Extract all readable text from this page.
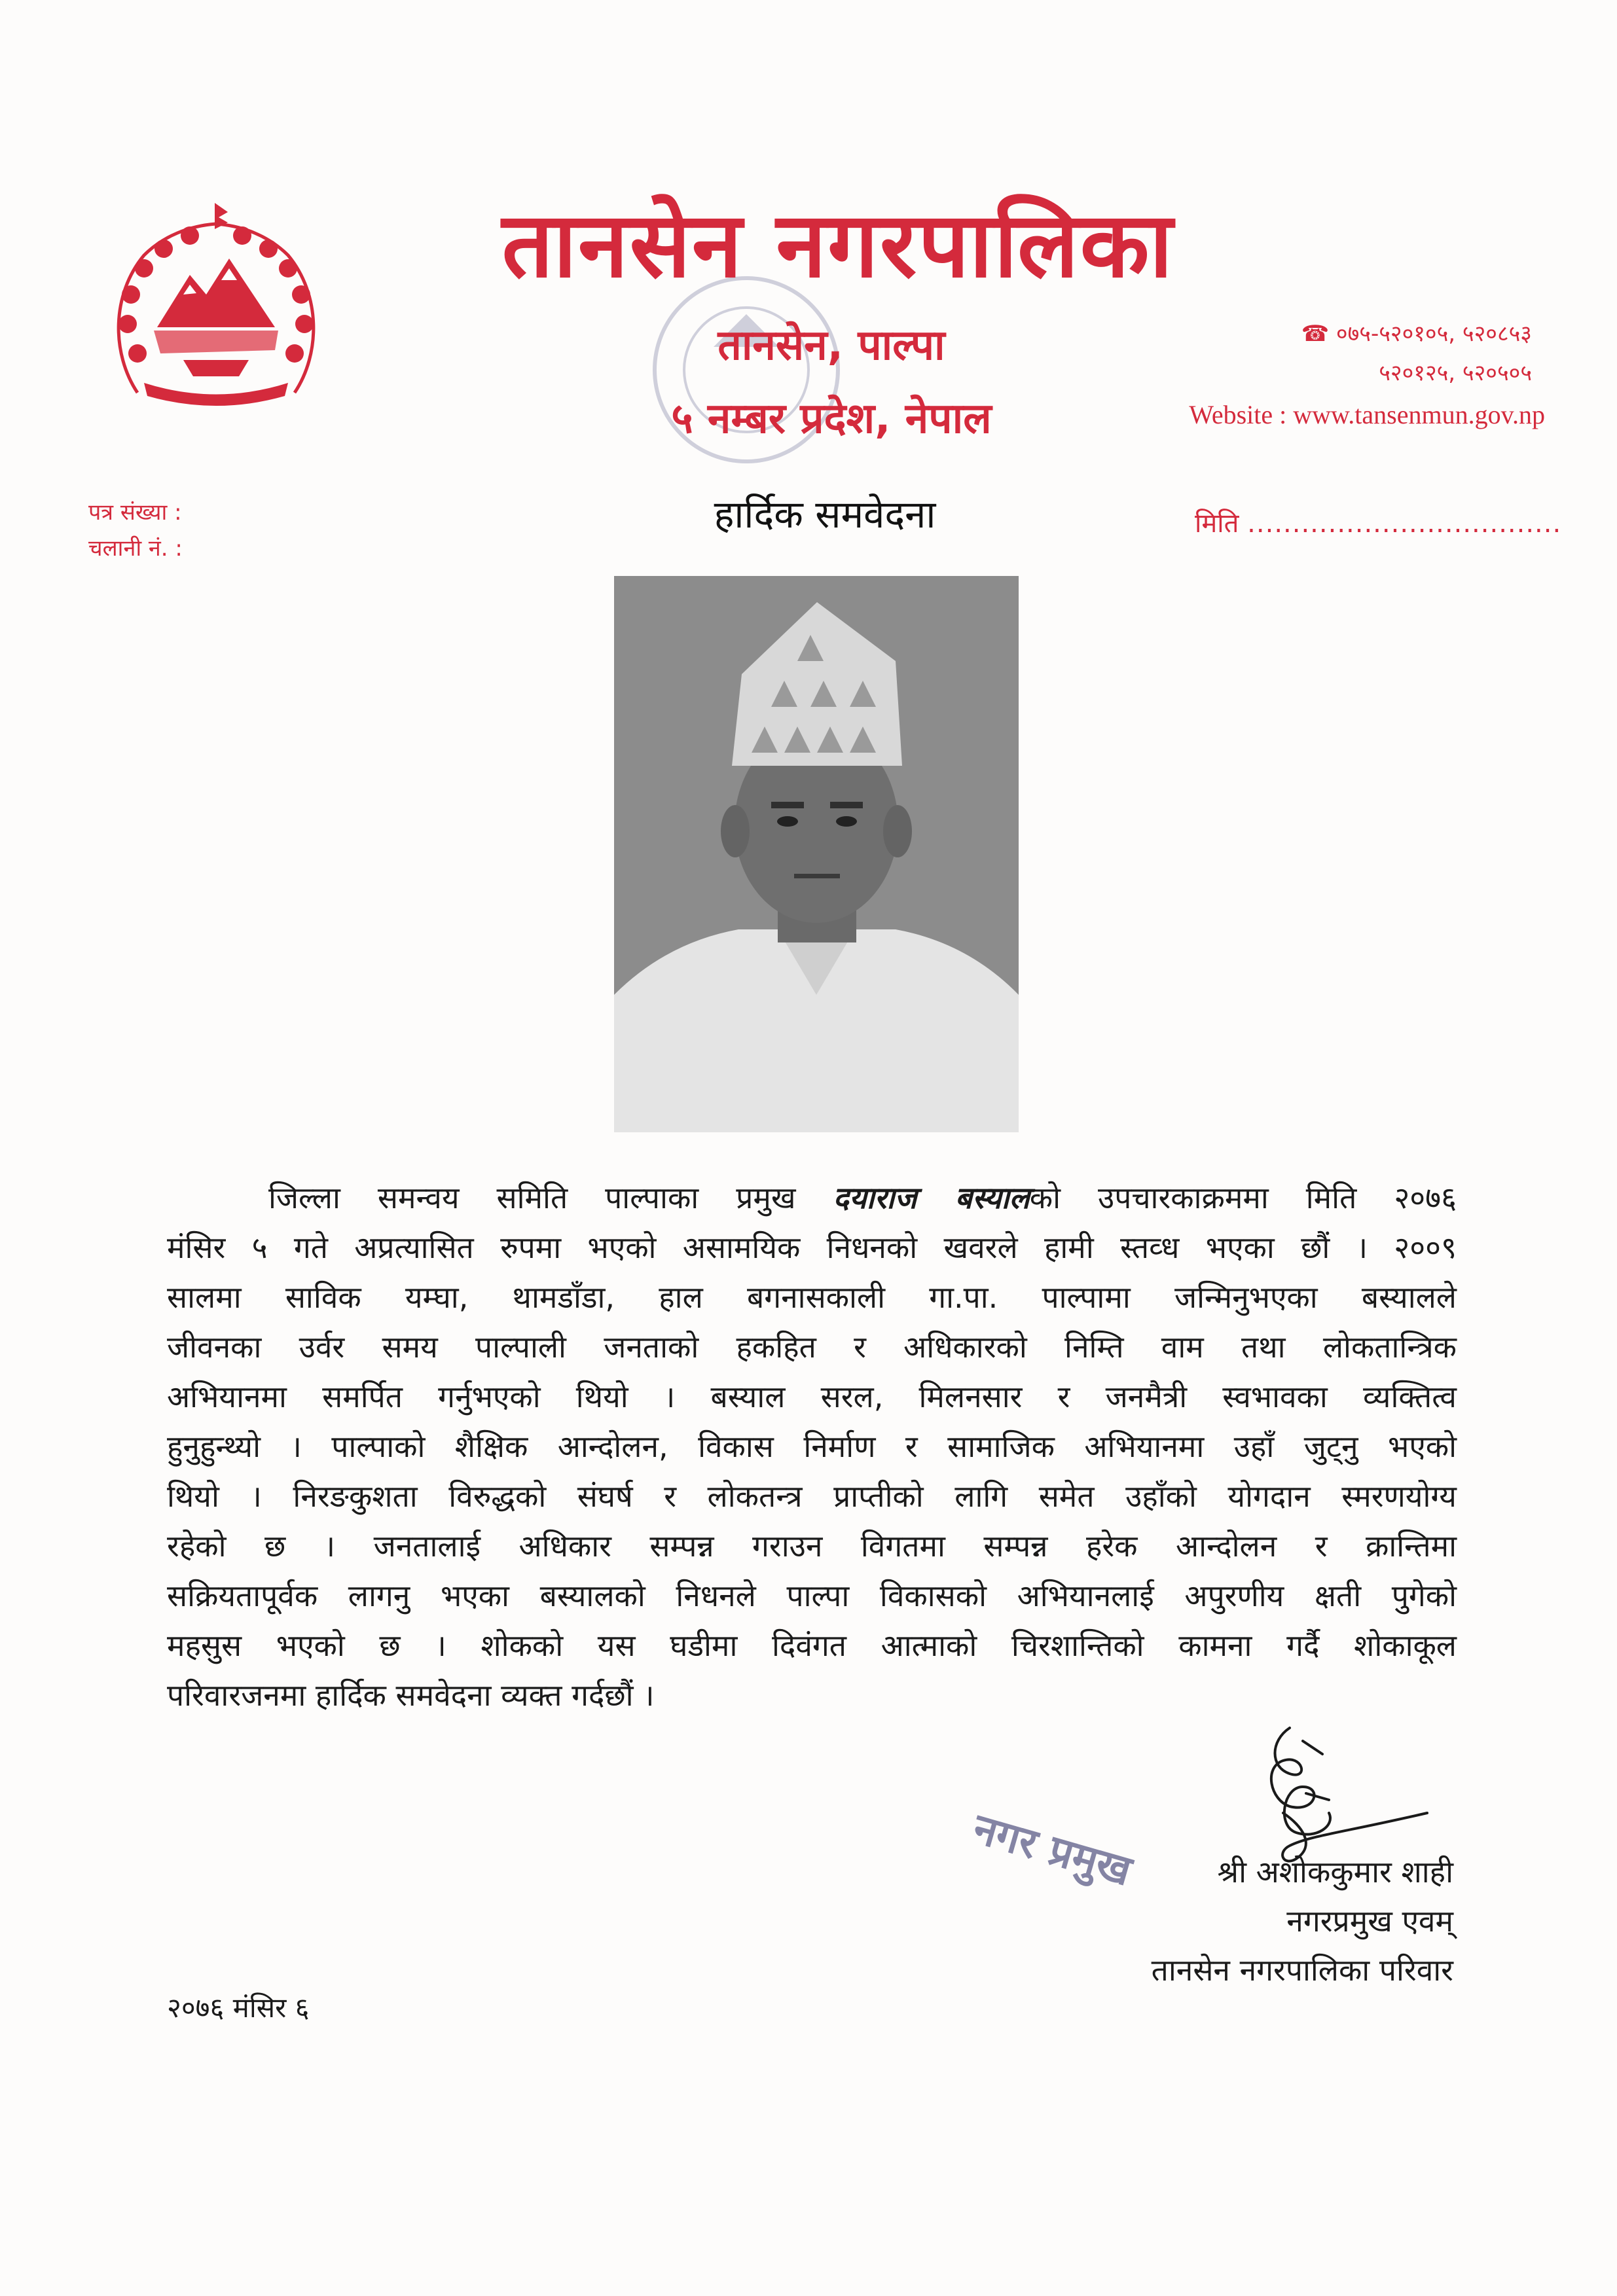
तानसेन नगरपालिका
तानसेन, पाल्पा
५ नम्बर प्रदेश, नेपाल
☎ ०७५-५२०१०५, ५२०८५३
५२०१२५, ५२०५०५
Website : www.tansenmun.gov.np
पत्र संख्या :
चलानी नं. :
मिति ...................................
हार्दिक समवेदना
जिल्ला समन्वय समिति पाल्पाका प्रमुख दयाराज बस्यालको उपचारकाक्रममा मिति २०७६
मंसिर ५ गते अप्रत्यासित रुपमा भएको असामयिक निधनको खवरले हामी स्तव्ध भएका छौं । २००९
सालमा साविक यम्घा, थामडाँडा, हाल बगनासकाली गा.पा. पाल्पामा जन्मिनुभएका बस्यालले
जीवनका उर्वर समय पाल्पाली जनताको हकहित र अधिकारको निम्ति वाम तथा लोकतान्त्रिक
अभियानमा समर्पित गर्नुभएको थियो । बस्याल सरल, मिलनसार र जनमैत्री स्वभावका व्यक्तित्व
हुनुहुन्थ्यो । पाल्पाको शैक्षिक आन्दोलन, विकास निर्माण र सामाजिक अभियानमा उहाँ जुट्नु भएको
थियो । निरङकुशता विरुद्धको संघर्ष र लोकतन्त्र प्राप्तीको लागि समेत उहाँको योगदान स्मरणयोग्य
रहेको छ । जनतालाई अधिकार सम्पन्न गराउन विगतमा सम्पन्न हरेक आन्दोलन र क्रान्तिमा
सक्रियतापूर्वक लागनु भएका बस्यालको निधनले पाल्पा विकासको अभियानलाई अपुरणीय क्षती पुगेको
महसुस भएको छ । शोकको यस घडीमा दिवंगत आत्माको चिरशान्तिको कामना गर्दै शोकाकूल
परिवारजनमा हार्दिक समवेदना व्यक्त गर्दछौं ।
नगर प्रमुख	श्री अशोककुमार शाही
नगरप्रमुख एवम्
तानसेन नगरपालिका परिवार
२०७६ मंसिर ६
